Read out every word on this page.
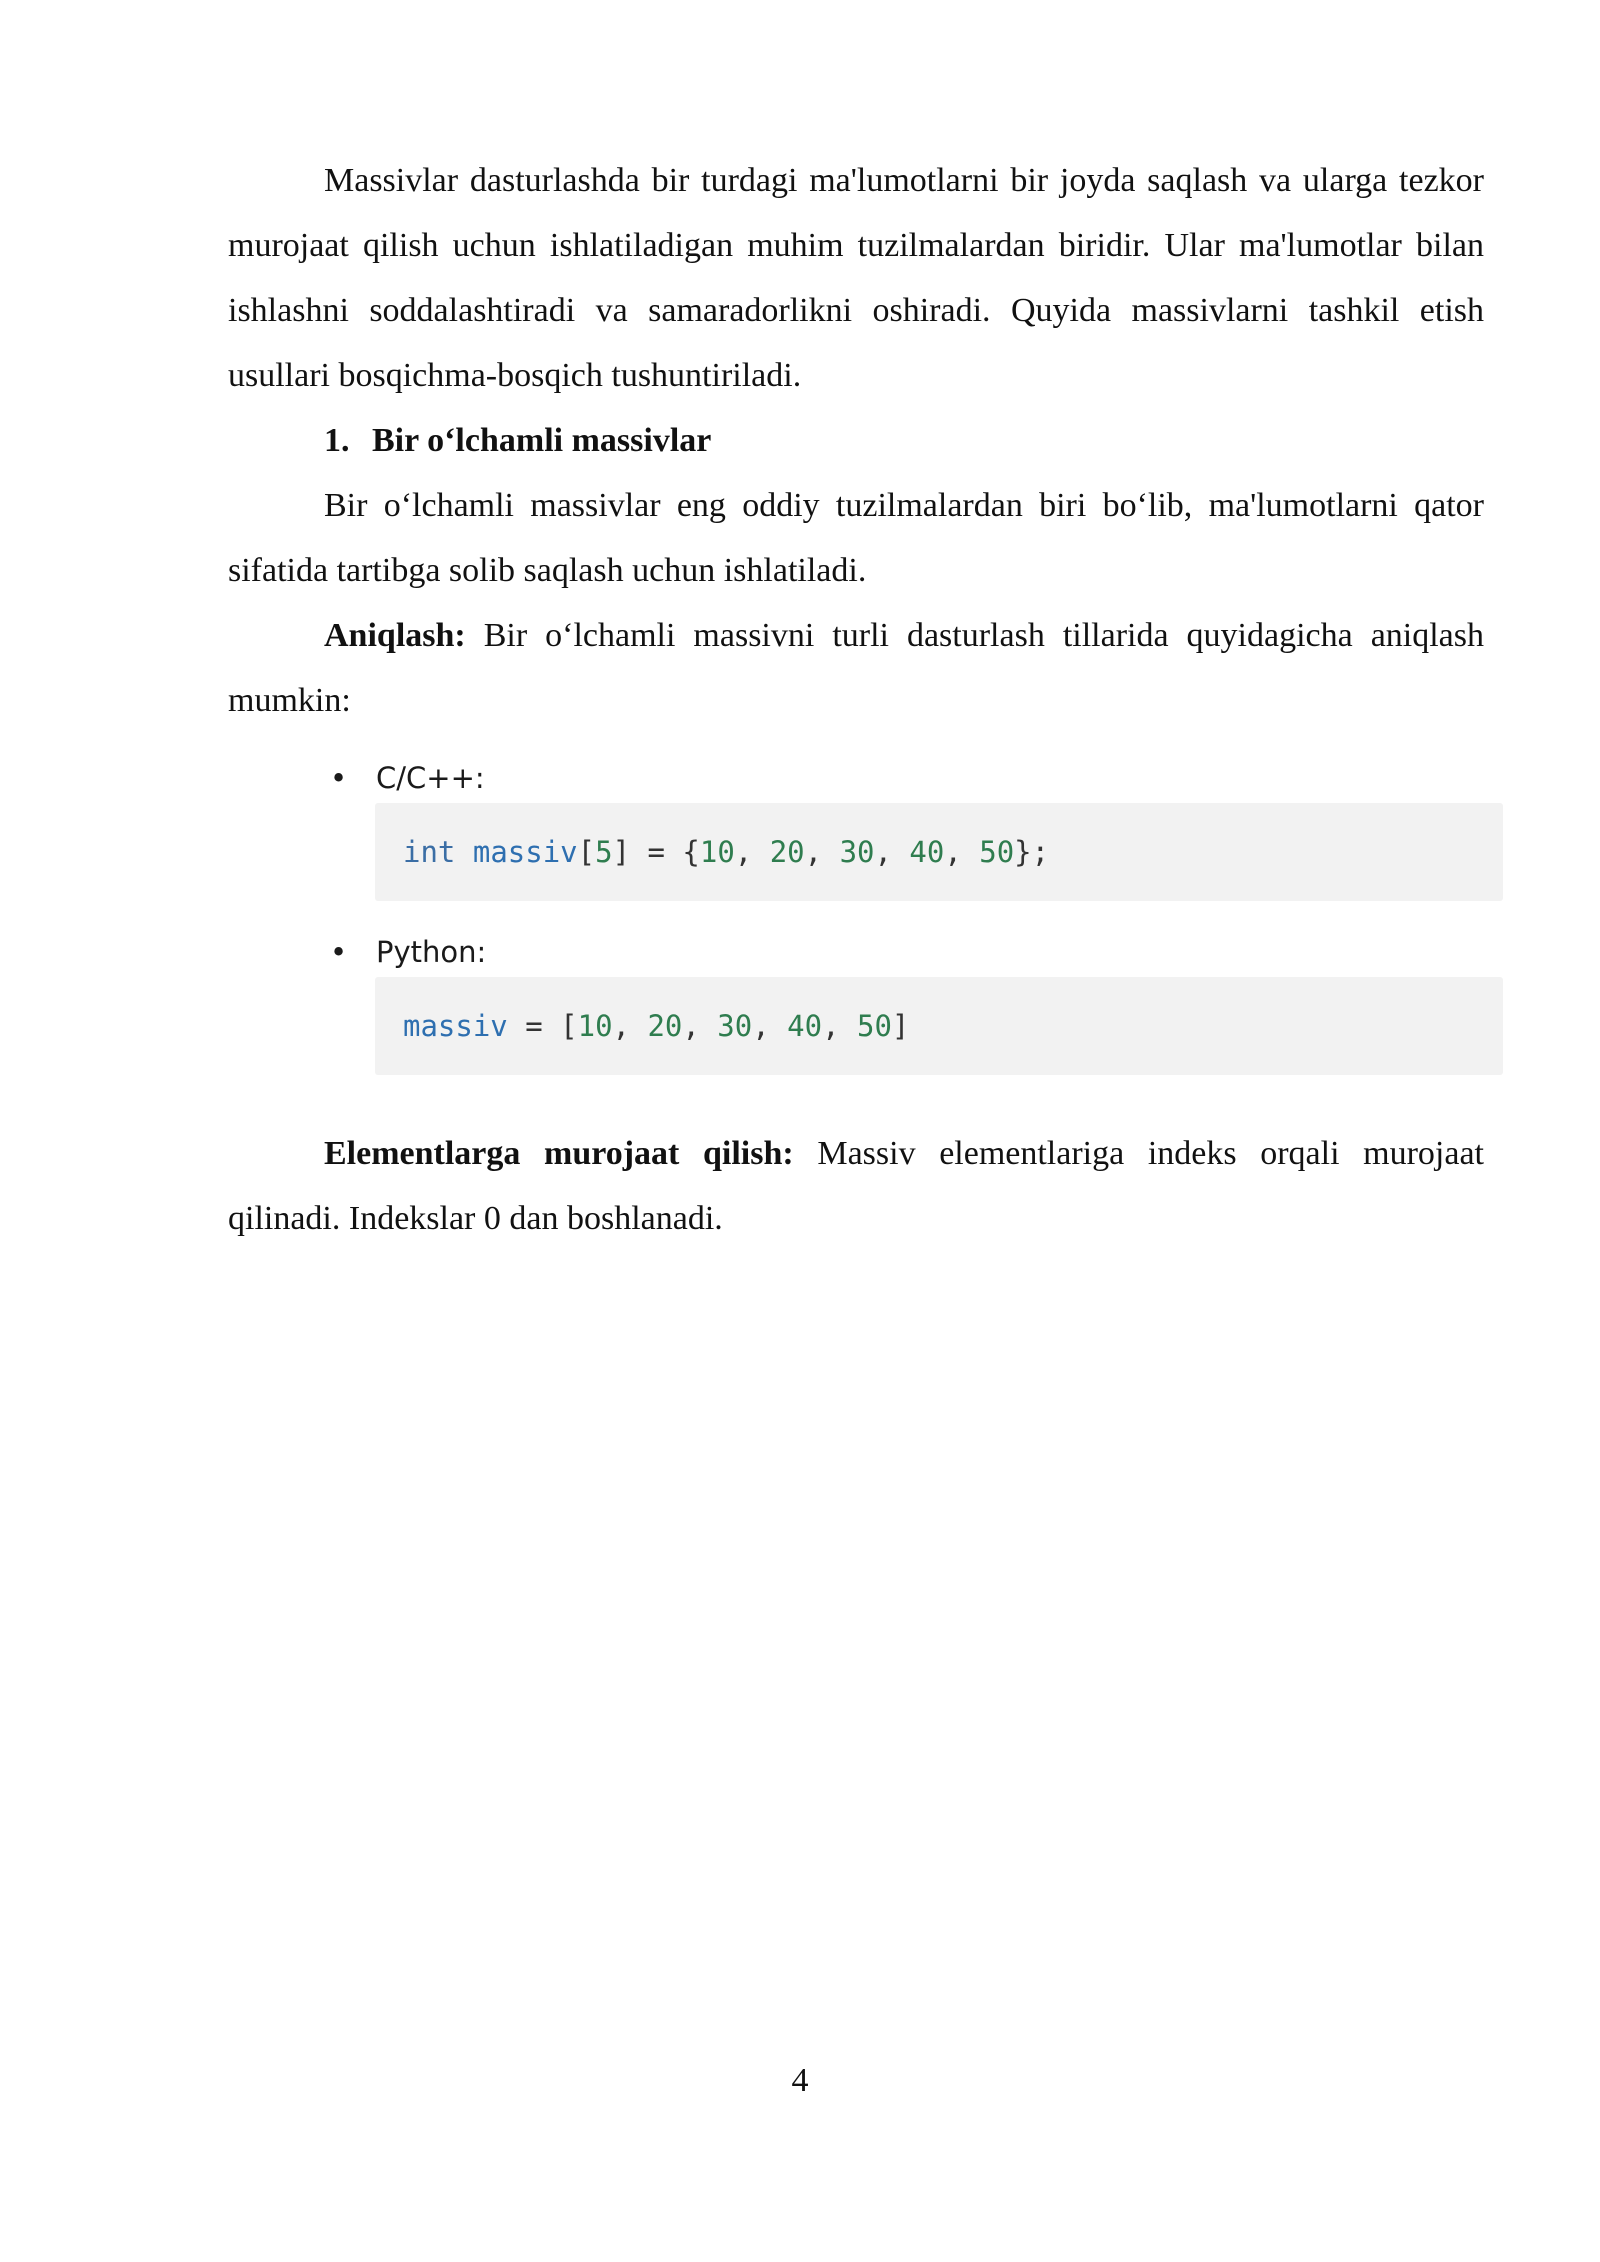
Massivlar dasturlashda bir turdagi ma'lumotlarni bir joyda saqlash va ularga tezkor murojaat qilish uchun ishlatiladigan muhim tuzilmalardan biridir. Ular ma'lumotlar bilan ishlashni soddalashtiradi va samaradorlikni oshiradi. Quyida massivlarni tashkil etish usullari bosqichma-bosqich tushuntiriladi.

1. Bir o‘lchamli massivlar

Bir o‘lchamli massivlar eng oddiy tuzilmalardan biri bo‘lib, ma'lumotlarni qator sifatida tartibga solib saqlash uchun ishlatiladi.

Aniqlash: Bir o‘lchamli massivni turli dasturlash tillarida quyidagicha aniqlash mumkin:

• C/C++:

int massiv[5] = {10, 20, 30, 40, 50};

• Python:

massiv = [10, 20, 30, 40, 50]

Elementlarga murojaat qilish: Massiv elementlariga indeks orqali murojaat qilinadi. Indekslar 0 dan boshlanadi.

4
